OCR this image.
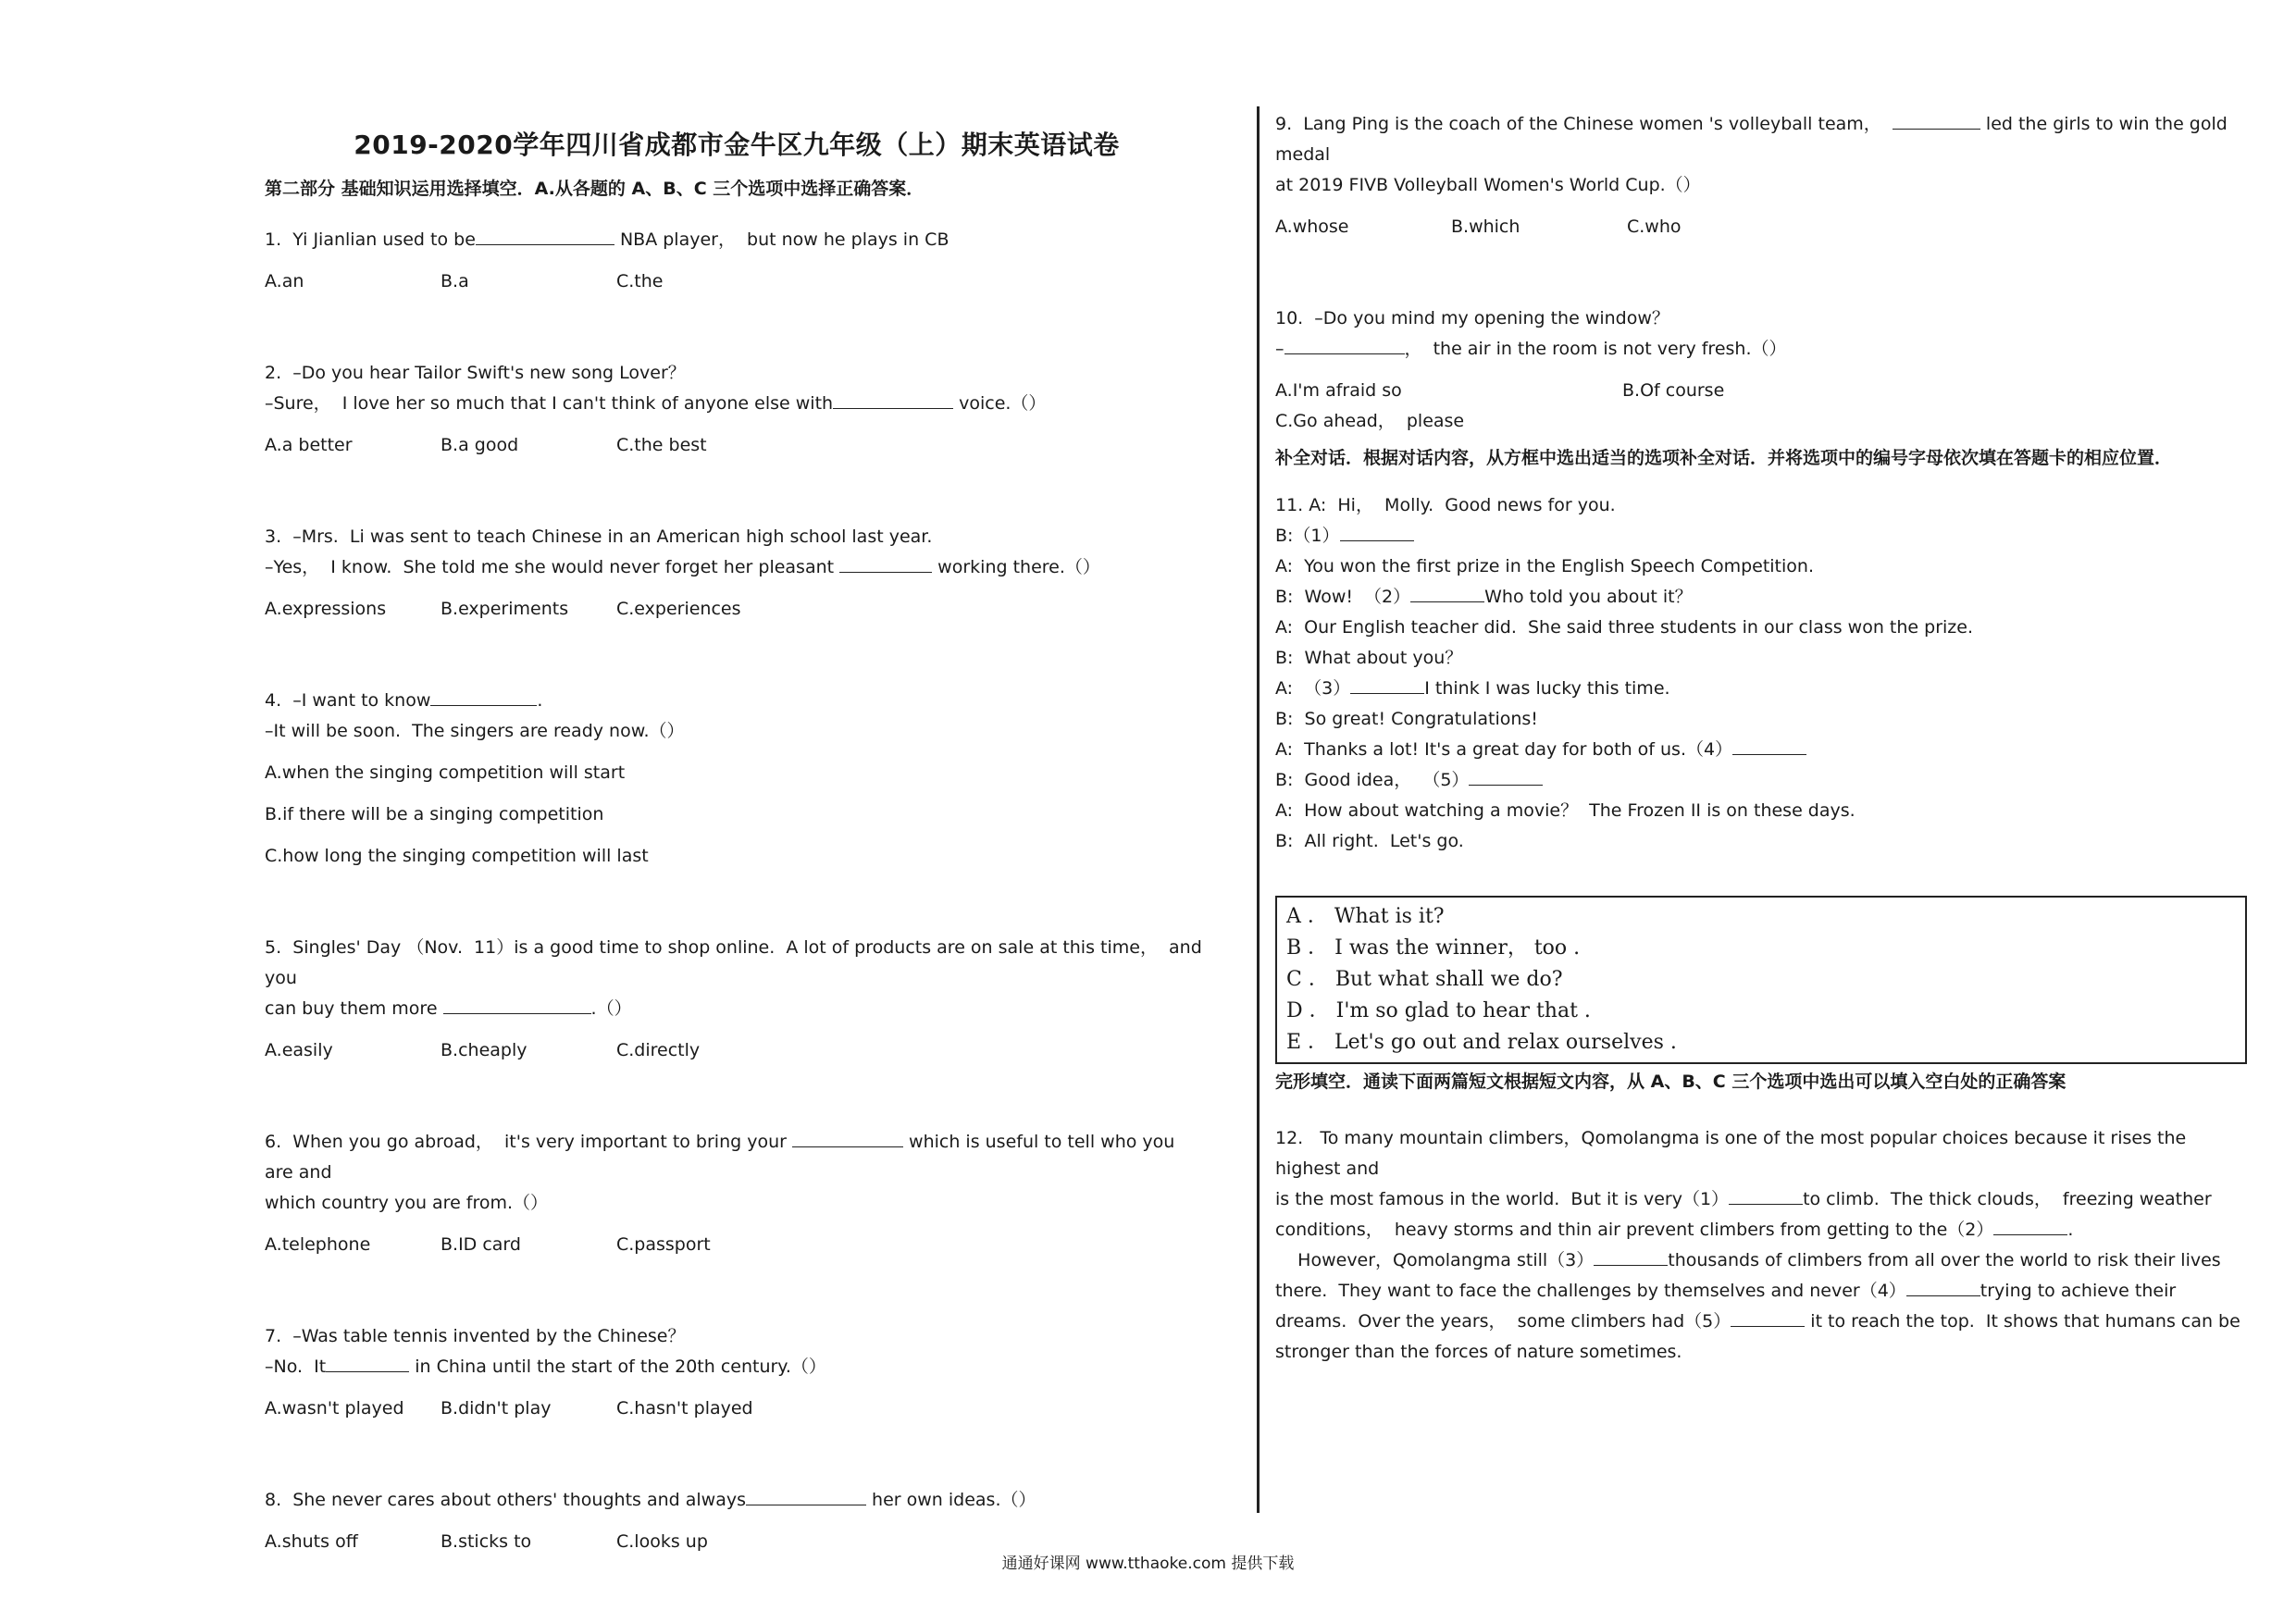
2019-2020学年四川省成都市金牛区九年级（上）期末英语试卷
第二部分 基础知识运用选择填空．A.从各题的 A、B、C 三个选项中选择正确答案．
1.  Yi Jianlian used to be	NBA player，  but now he plays in CB
A.an	B.a	C.the
2.  –Do you hear Tailor Swift's new song Lover？
–Sure，  I love her so much that I can't think of anyone else with	voice.（）
A.a better	B.a good	C.the best
3.  –Mrs.  Li was sent to teach Chinese in an American high school last year.
–Yes，  I know.  She told me she would never forget her pleasant	working there.（）
A.expressions	B.experiments	C.experiences
4.  –I want to know	.
–It will be soon.  The singers are ready now.（）
A.when the singing competition will start
B.if there will be a singing competition
C.how long the singing competition will last
5.  Singles' Day （Nov.  11）is a good time to shop online.  A lot of products are on sale at this time，  and you
can buy them more	.（）
A.easily	B.cheaply	C.directly
6.  When you go abroad，  it's very important to bring your	which is useful to tell who you are and
which country you are from.（）
A.telephone	B.ID card	C.passport
7.  –Was table tennis invented by the Chinese？
–No.  It	in China until the start of the 20th century.（）
A.wasn't played	B.didn't play	C.hasn't played
8.  She never cares about others' thoughts and always	her own ideas.（）
A.shuts off	B.sticks to	C.looks up
9.  Lang Ping is the coach of the Chinese women 's volleyball team，	led the girls to win the gold medal
at 2019 FIVB Volleyball Women's World Cup.（）
A.whose	B.which	C.who
10.  –Do you mind my opening the window？
–	，  the air in the room is not very fresh.（）
A.I'm afraid so	B.Of course
C.Go ahead，  please
补全对话．根据对话内容，从方框中选出适当的选项补全对话．并将选项中的编号字母依次填在答题卡的相应位置．
11. A:  Hi，  Molly.  Good news for you.
B:（1）
A:  You won the first prize in the English Speech Competition.
B:  Wow!  （2）	Who told you about it？
A:  Our English teacher did.  She said three students in our class won the prize.
B:  What about you？
A:  （3）	I think I was lucky this time.
B:  So great! Congratulations!
A:  Thanks a lot! It's a great day for both of us.（4）
B:  Good idea，  （5）
A:  How about watching a movie？  The Frozen II is on these days.
B:  All right.  Let's go.
A ． What is it?
B ． I was the winner， too .
C ． But what shall we do?
D ． I'm so glad to hear that .
E ． Let's go out and relax ourselves .
完形填空．通读下面两篇短文根据短文内容，从 A、B、C 三个选项中选出可以填入空白处的正确答案
12.   To many mountain climbers，Qomolangma is one of the most popular choices because it rises the highest and
is the most famous in the world.  But it is very（1）	to climb.  The thick clouds，  freezing weather
conditions，  heavy storms and thin air prevent climbers from getting to the（2）	.
However，Qomolangma still（3）	thousands of climbers from all over the world to risk their lives
there.  They want to face the challenges by themselves and never（4）	trying to achieve their
dreams.  Over the years，  some climbers had（5）	it to reach the top.  It shows that humans can be
stronger than the forces of nature sometimes.
通通好课网 www.tthaoke.com 提供下载
